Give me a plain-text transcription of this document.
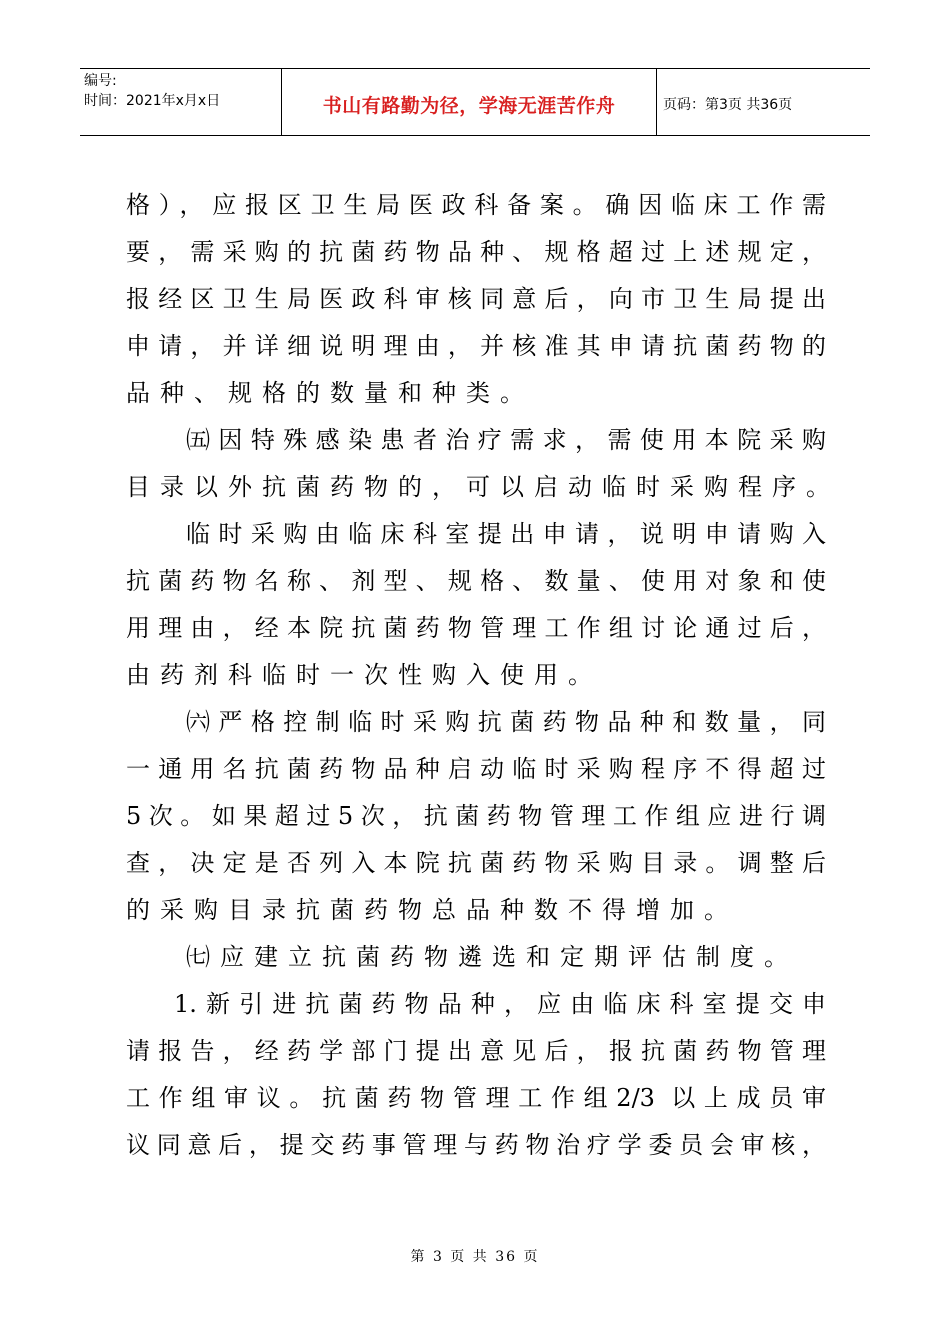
编号:
时间：2021年x月x日	书山有路勤为径，学海无涯苦作舟	页码：第3页 共36页
格），应报区卫生局医政科备案。确因临床工作需
要，需采购的抗菌药物品种、规格超过上述规定，
报经区卫生局医政科审核同意后，向市卫生局提出
申请，并详细说明理由，并核准其申请抗菌药物的
品种、规格的数量和种类。
㈤因特殊感染患者治疗需求，需使用本院采购
目录以外抗菌药物的，可以启动临时采购程序。
临时采购由临床科室提出申请，说明申请购入
抗菌药物名称、剂型、规格、数量、使用对象和使
用理由，经本院抗菌药物管理工作组讨论通过后，
由药剂科临时一次性购入使用。
㈥严格控制临时采购抗菌药物品种和数量，同
一通用名抗菌药物品种启动临时采购程序不得超过
5次。如果超过5次，抗菌药物管理工作组应进行调
查，决定是否列入本院抗菌药物采购目录。调整后
的采购目录抗菌药物总品种数不得增加。
㈦应建立抗菌药物遴选和定期评估制度。
1.新引进抗菌药物品种，应由临床科室提交申
请报告，经药学部门提出意见后，报抗菌药物管理
工作组审议。抗菌药物管理工作组2/3 以上成员审
议同意后，提交药事管理与药物治疗学委员会审核，
第 3 页 共 36 页
